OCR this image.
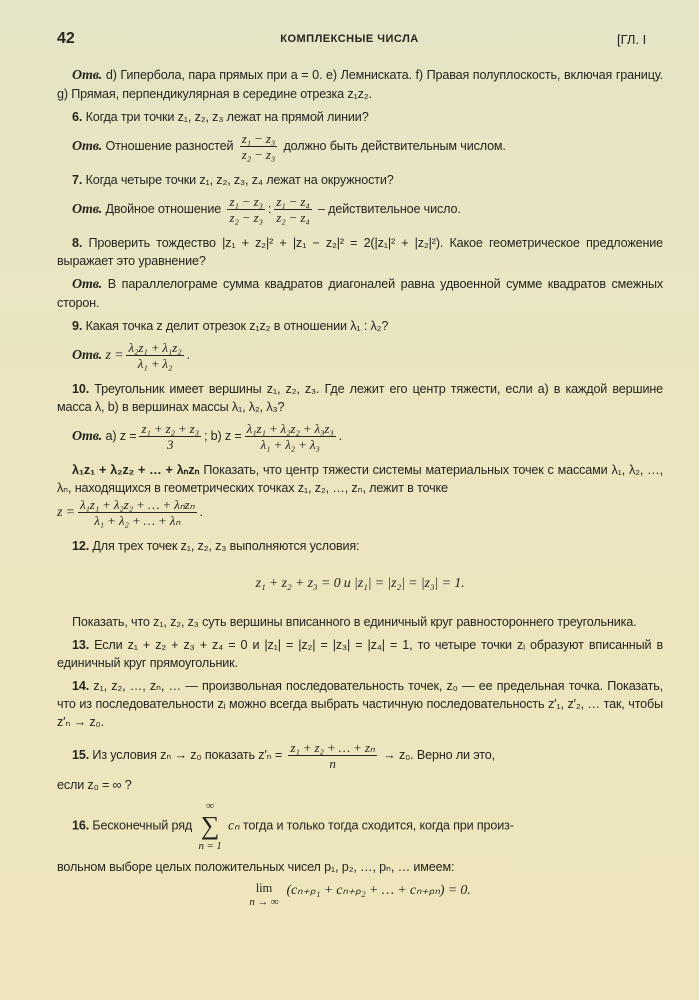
42	КОМПЛЕКСНЫЕ ЧИСЛА	[ГЛ. I
Отв. d) Гипербола, пара прямых при a = 0. e) Лемниската. f) Правая полуплоскость, включая границу. g) Прямая, перпендикулярная в середине отрезка z₁z₂.
6. Когда три точки z₁, z₂, z₃ лежат на прямой линии?
Отв. Отношение разностей $\frac{\text{z₁ − z₃}}{\text{z₂ − z₃}}$ должно быть действительным числом.
7. Когда четыре точки z₁, z₂, z₃, z₄ лежат на окружности?
Отв. Двойное отношение $\frac{\text{z₁ − z₃}}{\text{z₂ − z₃}}$ : $\frac{\text{z₁ − z₄}}{\text{z₂ − z₄}}$ – действительное число.
8. Проверить тождество |z₁ + z₂|² + |z₁ − z₂|² = 2(|z₁|² + |z₂|²). Какое геометрическое предложение выражает это уравнение?
Отв. В параллелограме сумма квадратов диагоналей равна удвоенной сумме квадратов смежных сторон.
9. Какая точка z делит отрезок z₁z₂ в отношении λ₁ : λ₂?
Отв. $z = \frac{\text{λ₂z₁ + λ₁z₂}}{\text{λ₁ + λ₂}}$ .
10. Треугольник имеет вершины z₁, z₂, z₃. Где лежит его центр тяжести, если a) в каждой вершине масса λ, b) в вершинах массы λ₁, λ₂, λ₃?
Отв. a) $z = \frac{\text{z₁ + z₂ + z₃}}{3}$ ; b) $z = \frac{\text{λ₁z₁ + λ₂z₂ + λ₃z₃}}{\text{λ₁ + λ₂ + λ₃}}$ .
λ₁z₁ + λ₂z₂ + … + λₙzₙ Показать, что центр тяжести системы материальных точек с массами λ₁, λ₂, …, λₙ, находящихся в геометрических точках z₁, z₂, …, zₙ, лежит в точке
$z = \frac{\text{λ₁z₁ + λ₂z₂ + … + λₙzₙ}}{\text{λ₁ + λ₂ + … + λₙ}}$ .
12. Для трех точек z₁, z₂, z₃ выполняются условия:
z₁ + z₂ + z₃ = 0 и |z₁| = |z₂| = |z₃| = 1.
Показать, что z₁, z₂, z₃ суть вершины вписанного в единичный круг равностороннего треугольника.
13. Если z₁ + z₂ + z₃ + z₄ = 0 и |z₁| = |z₂| = |z₃| = |z₄| = 1, то четыре точки zᵢ образуют вписанный в единичный круг прямоугольник.
14. z₁, z₂, …, zₙ, … — произвольная последовательность точек, z₀ — ее предельная точка. Показать, что из последовательности zᵢ можно всегда выбрать частичную последовательность z′₁, z′₂, … так, чтобы z′ₙ → z₀.
15. Из условия zₙ → z₀ показать $z'_n = \frac{\text{z₁ + z₂ + … + zₙ}}{n} \to z_0$. Верно ли это,
если z₀ = ∞ ?
16. Бесконечный ряд
∞
∑
n = 1
cₙ тогда и только тогда сходится, когда при произ-
вольном выборе целых положительных чисел p₁, p₂, …, pₙ, … имеем:
lim
n → ∞
(cₙ₊ₚ₁ + cₙ₊ₚ₂ + … + cₙ₊ₚₙ) = 0.
